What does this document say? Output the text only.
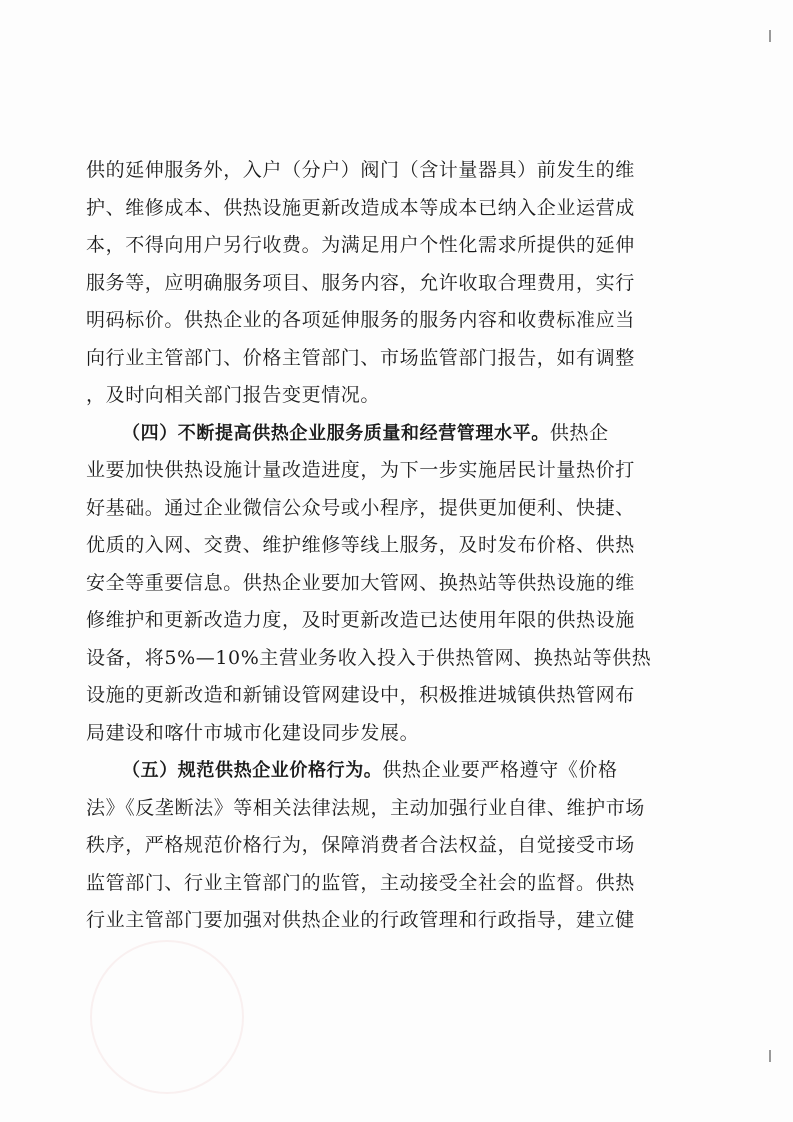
供的延伸服务外，入户（分户）阀门（含计量器具）前发生的维
护、维修成本、供热设施更新改造成本等成本已纳入企业运营成
本，不得向用户另行收费。为满足用户个性化需求所提供的延伸
服务等，应明确服务项目、服务内容，允许收取合理费用，实行
明码标价。供热企业的各项延伸服务的服务内容和收费标准应当
向行业主管部门、价格主管部门、市场监管部门报告，如有调整
，及时向相关部门报告变更情况。
（四）不断提高供热企业服务质量和经营管理水平。供热企
业要加快供热设施计量改造进度，为下一步实施居民计量热价打
好基础。通过企业微信公众号或小程序，提供更加便利、快捷、
优质的入网、交费、维护维修等线上服务，及时发布价格、供热
安全等重要信息。供热企业要加大管网、换热站等供热设施的维
修维护和更新改造力度，及时更新改造已达使用年限的供热设施
设备，将5%—10%主营业务收入投入于供热管网、换热站等供热
设施的更新改造和新铺设管网建设中，积极推进城镇供热管网布
局建设和喀什市城市化建设同步发展。
（五）规范供热企业价格行为。供热企业要严格遵守《价格
法》《反垄断法》等相关法律法规，主动加强行业自律、维护市场
秩序，严格规范价格行为，保障消费者合法权益，自觉接受市场
监管部门、行业主管部门的监管，主动接受全社会的监督。供热
行业主管部门要加强对供热企业的行政管理和行政指导，建立健
